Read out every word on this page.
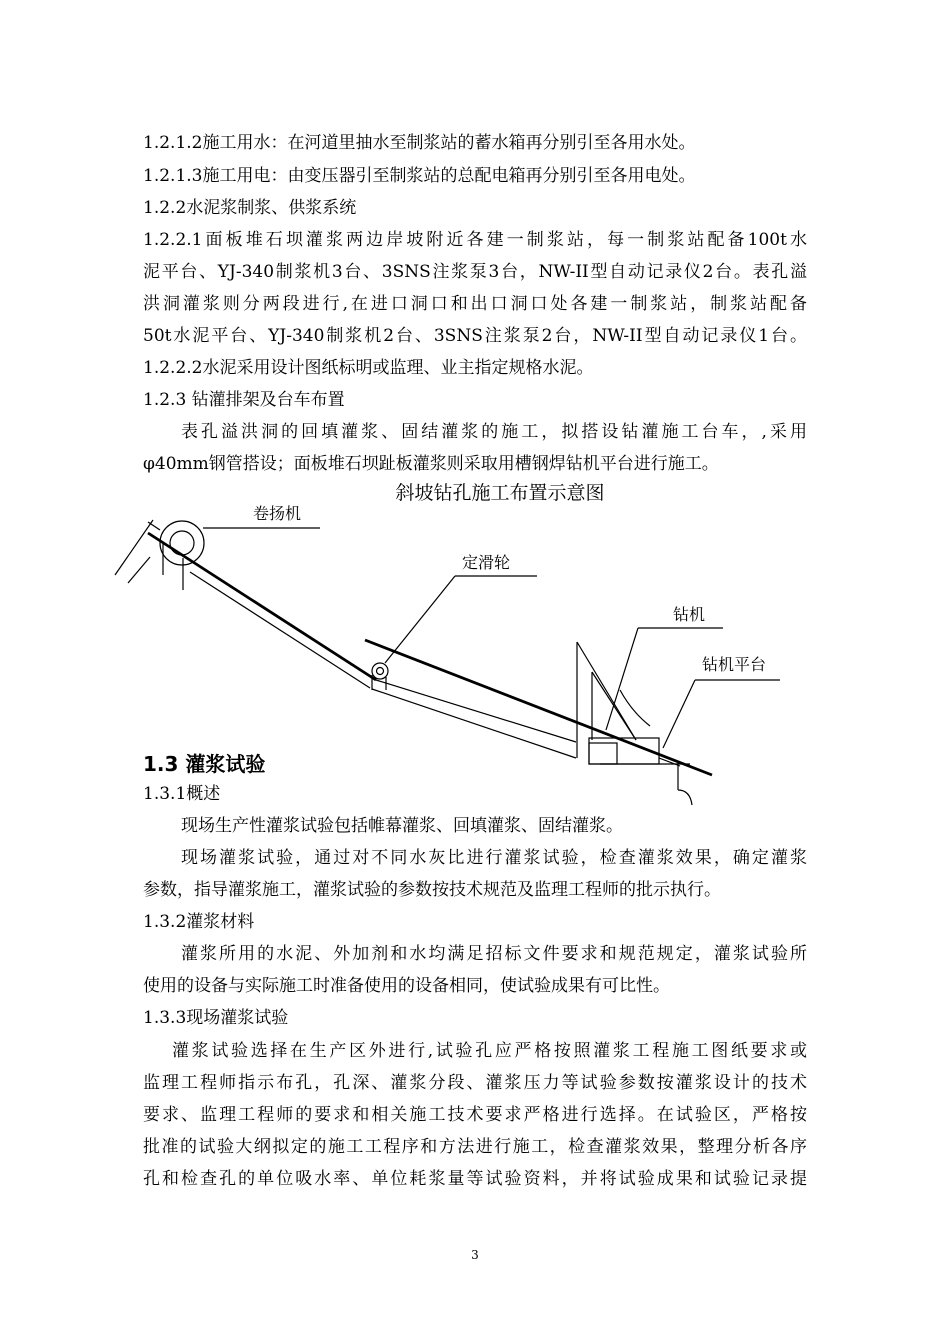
1.2.1.2施工用水：在河道里抽水至制浆站的蓄水箱再分别引至各用水处。
1.2.1.3施工用电：由变压器引至制浆站的总配电箱再分别引至各用电处。
1.2.2水泥浆制浆、供浆系统
1.2.2.1面板堆石坝灌浆两边岸坡附近各建一制浆站，每一制浆站配备100t水
泥平台、YJ-340制浆机3台、3SNS注浆泵3台，NW-II型自动记录仪2台。表孔溢
洪洞灌浆则分两段进行,在进口洞口和出口洞口处各建一制浆站，制浆站配备
50t水泥平台、YJ-340制浆机2台、3SNS注浆泵2台，NW-II型自动记录仪1台。
1.2.2.2水泥采用设计图纸标明或监理、业主指定规格水泥。
1.2.3 钻灌排架及台车布置
表孔溢洪洞的回填灌浆、固结灌浆的施工，拟搭设钻灌施工台车，,采用
φ40mm钢管搭设；面板堆石坝趾板灌浆则采取用槽钢焊钻机平台进行施工。
斜坡钻孔施工布置示意图
卷扬机
定滑轮
钻机
钻机平台
1.3 灌浆试验
1.3.1概述
现场生产性灌浆试验包括帷幕灌浆、回填灌浆、固结灌浆。
现场灌浆试验，通过对不同水灰比进行灌浆试验，检查灌浆效果，确定灌浆
参数，指导灌浆施工，灌浆试验的参数按技术规范及监理工程师的批示执行。
1.3.2灌浆材料
灌浆所用的水泥、外加剂和水均满足招标文件要求和规范规定，灌浆试验所
使用的设备与实际施工时准备使用的设备相同，使试验成果有可比性。
1.3.3现场灌浆试验
灌浆试验选择在生产区外进行,试验孔应严格按照灌浆工程施工图纸要求或
监理工程师指示布孔，孔深、灌浆分段、灌浆压力等试验参数按灌浆设计的技术
要求、监理工程师的要求和相关施工技术要求严格进行选择。在试验区，严格按
批准的试验大纲拟定的施工工程序和方法进行施工，检查灌浆效果，整理分析各序
孔和检查孔的单位吸水率、单位耗浆量等试验资料，并将试验成果和试验记录提
3
